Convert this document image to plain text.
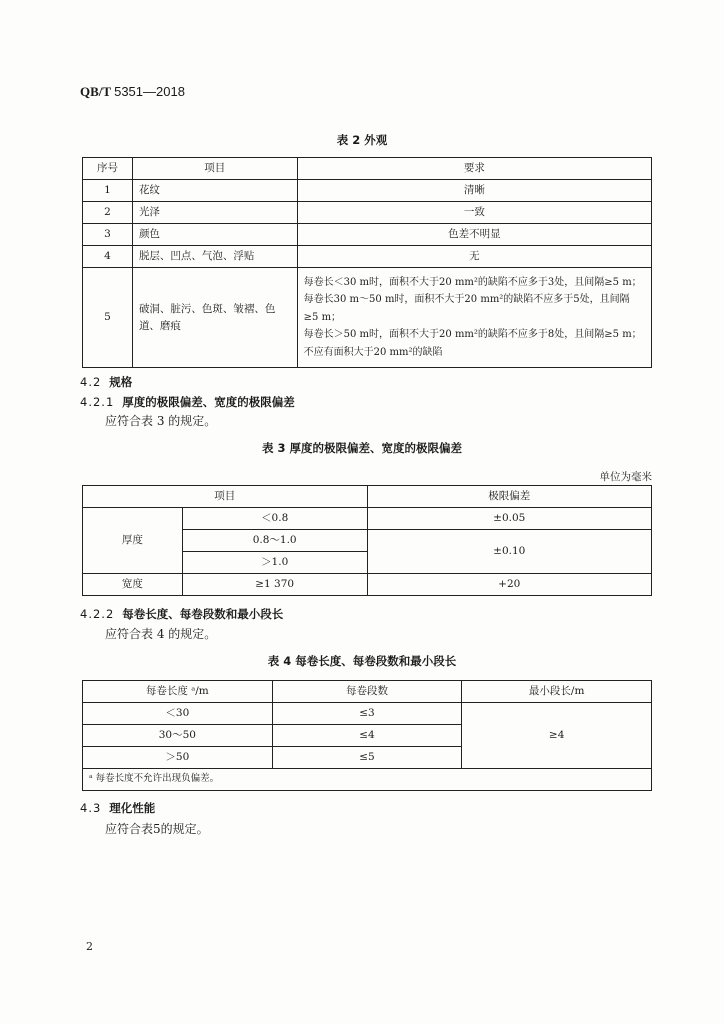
QB/T 5351—2018
表 2 外观
序号	项目	要求
1	花纹	清晰
2	光泽	一致
3	颜色	色差不明显
4	脱层、凹点、气泡、浮贴	无
5	破洞、脏污、色斑、皱褶、色道、磨痕	每卷长＜30 m时，面积不大于20 mm²的缺陷不应多于3处，且间隔≥5 m；
每卷长30 m～50 m时，面积不大于20 mm²的缺陷不应多于5处，且间隔
≥5 m；
每卷长＞50 m时，面积不大于20 mm²的缺陷不应多于8处，且间隔≥5 m；
不应有面积大于20 mm²的缺陷
4.2 规格
4.2.1 厚度的极限偏差、宽度的极限偏差
应符合表 3 的规定。
表 3 厚度的极限偏差、宽度的极限偏差
单位为毫米
项目		极限偏差
厚度	＜0.8	±0.05
	0.8～1.0	±0.10
	＞1.0	
宽度	≥1 370	+20
4.2.2 每卷长度、每卷段数和最小段长
应符合表 4 的规定。
表 4 每卷长度、每卷段数和最小段长
每卷长度 ᵃ/m	每卷段数	最小段长/m
＜30	≤3	≥4
30～50	≤4	
＞50	≤5	
ᵃ 每卷长度不允许出现负偏差。		
4.3 理化性能
应符合表5的规定。
2
